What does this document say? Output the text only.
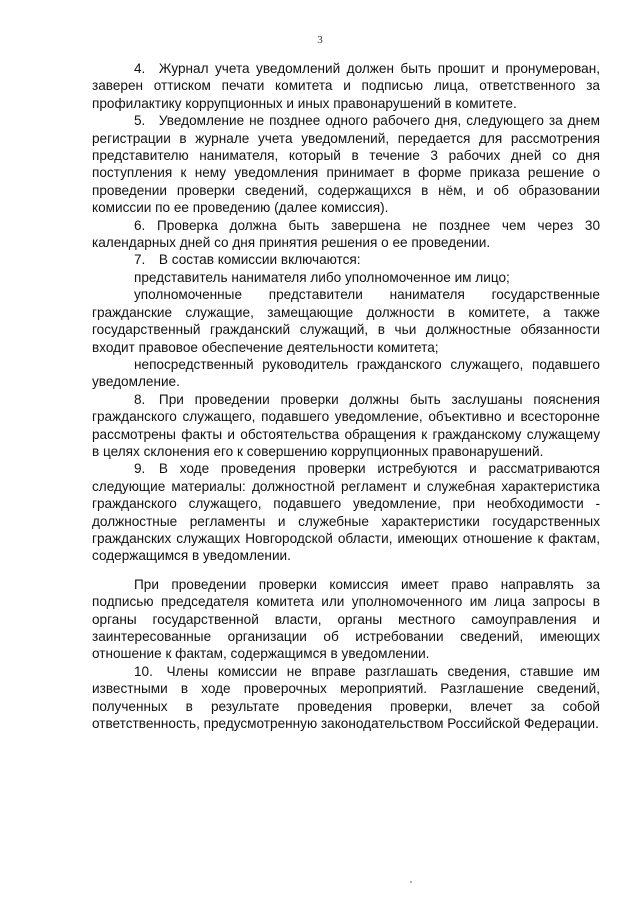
3

4. Журнал учета уведомлений должен быть прошит и пронумерован, заверен оттиском печати комитета и подписью лица, ответственного за профилактику коррупционных и иных правонарушений в комитете.

5. Уведомление не позднее одного рабочего дня, следующего за днем регистрации в журнале учета уведомлений, передается для рассмотрения представителю нанимателя, который в течение 3 рабочих дней со дня поступления к нему уведомления принимает в форме приказа решение о проведении проверки сведений, содержащихся в нём, и об образовании комиссии по ее проведению (далее комиссия).

6. Проверка должна быть завершена не позднее чем через 30 календарных дней со дня принятия решения о ее проведении.

7. В состав комиссии включаются:

представитель нанимателя либо уполномоченное им лицо;

уполномоченные представители нанимателя государственные гражданские служащие, замещающие должности в комитете, а также государственный гражданский служащий, в чьи должностные обязанности входит правовое обеспечение деятельности комитета;

непосредственный руководитель гражданского служащего, подавшего уведомление.

8. При проведении проверки должны быть заслушаны пояснения гражданского служащего, подавшего уведомление, объективно и всесторонне рассмотрены факты и обстоятельства обращения к гражданскому служащему в целях склонения его к совершению коррупционных правонарушений.

9. В ходе проведения проверки истребуются и рассматриваются следующие материалы: должностной регламент и служебная характеристика гражданского служащего, подавшего уведомление, при необходимости - должностные регламенты и служебные характеристики государственных гражданских служащих Новгородской области, имеющих отношение к фактам, содержащимся в уведомлении.

При проведении проверки комиссия имеет право направлять за подписью председателя комитета или уполномоченного им лица запросы в органы государственной власти, органы местного самоуправления и заинтересованные организации об истребовании сведений, имеющих отношение к фактам, содержащимся в уведомлении.

10. Члены комиссии не вправе разглашать сведения, ставшие им известными в ходе проверочных мероприятий. Разглашение сведений, полученных в результате проведения проверки, влечет за собой ответственность, предусмотренную законодательством Российской Федерации.
